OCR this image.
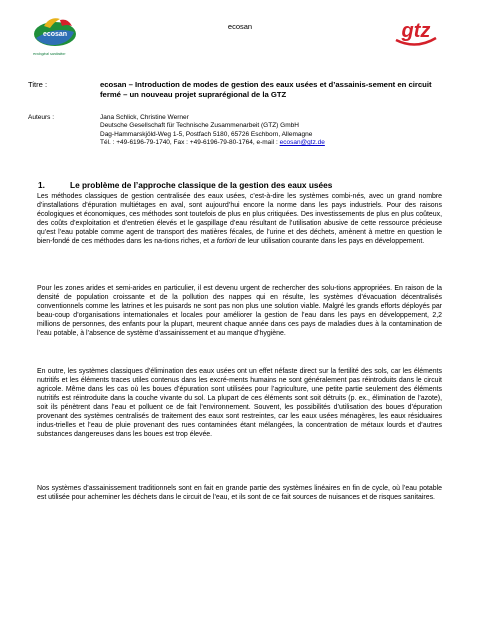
ecosan
ecological sanitation
ecosan	gtz
Titre :	ecosan – Introduction de modes de gestion des eaux usées et d’assainis-sement en circuit fermé – un nouveau projet suprarégional de la GTZ
Auteurs :	Jana Schlick, Christine Werner
Deutsche Gesellschaft für Technische Zusammenarbeit (GTZ) GmbH
Dag-Hammarskjöld-Weg 1-5, Postfach 5180, 65726 Eschborn, Allemagne
Tél. : +49-6196-79-1740, Fax : +49-6196-79-80-1764, e-mail : ecosan@gtz.de
1.	Le problème de l’approche classique de la gestion des eaux usées
Les méthodes classiques de gestion centralisée des eaux usées, c’est-à-dire les systèmes combi-nés, avec un grand nombre d’installations d’épuration multiétages en aval, sont aujourd’hui encore la norme dans les pays industriels. Pour des raisons écologiques et économiques, ces méthodes sont toutefois de plus en plus critiquées. Des investissements de plus en plus coûteux, des coûts d’exploitation et d’entretien élevés et le gaspillage d’eau résultant de l’utilisation abusive de cette ressource précieuse qu’est l’eau potable comme agent de transport des matières fécales, de l’urine et des déchets, amènent à mettre en question le bien-fondé de ces méthodes dans les na-tions riches, et a fortiori de leur utilisation courante dans les pays en développement.
Pour les zones arides et semi-arides en particulier, il est devenu urgent de rechercher des solu-tions appropriées. En raison de la densité de population croissante et de la pollution des nappes qui en résulte, les systèmes d’évacuation décentralisés conventionnels comme les latrines et les puisards ne sont pas non plus une solution viable. Malgré les grands efforts déployés par beau-coup d’organisations internationales et locales pour améliorer la gestion de l’eau dans les pays en développement, 2,2 millions de personnes, des enfants pour la plupart, meurent chaque année dans ces pays de maladies dues à la contamination de l’eau potable, à l’absence de système d’assainissement et au manque d’hygiène.
En outre, les systèmes classiques d’élimination des eaux usées ont un effet néfaste direct sur la fertilité des sols, car les éléments nutritifs et les éléments traces utiles contenus dans les excré-ments humains ne sont généralement pas réintroduits dans le circuit agricole. Même dans les cas où les boues d’épuration sont utilisées pour l’agriculture, une petite partie seulement des éléments nutritifs est réintroduite dans la couche vivante du sol. La plupart de ces éléments sont soit détruits (p. ex., élimination de l’azote), soit ils pénètrent dans l’eau et polluent ce de fait l’environnement. Souvent, les possibilités d’utilisation des boues d’épuration provenant des systèmes centralisés de traitement des eaux sont restreintes, car les eaux usées ménagères, les eaux résiduaires indus-trielles et l’eau de pluie provenant des rues contaminées étant mélangées, la concentration de métaux lourds et d’autres substances dangereuses dans les boues est trop élevée.
Nos systèmes d’assainissement traditionnels sont en fait en grande partie des systèmes linéaires en fin de cycle, où l’eau potable est utilisée pour acheminer les déchets dans le circuit de l’eau, et ils sont de ce fait sources de nuisances et de risques sanitaires.
